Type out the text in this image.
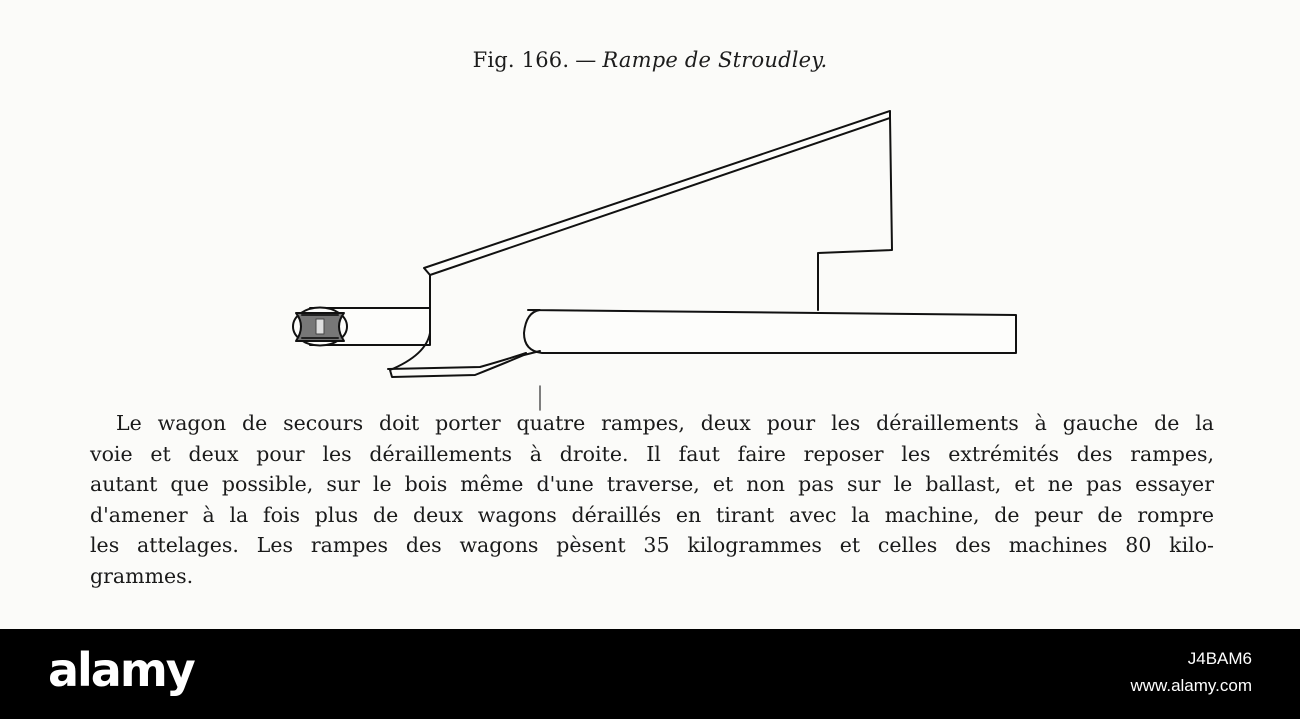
Fig. 166. — Rampe de Stroudley.
Le wagon de secours doit porter quatre rampes, deux pour les déraillements à gauche de la
voie et deux pour les déraillements à droite. Il faut faire reposer les extrémités des rampes,
autant que possible, sur le bois même d'une traverse, et non pas sur le ballast, et ne pas essayer
d'amener à la fois plus de deux wagons déraillés en tirant avec la machine, de peur de rompre
les attelages. Les rampes des wagons pèsent 35 kilogrammes et celles des machines 80 kilo-
grammes.
alamy	J4BAM6
www.alamy.com
